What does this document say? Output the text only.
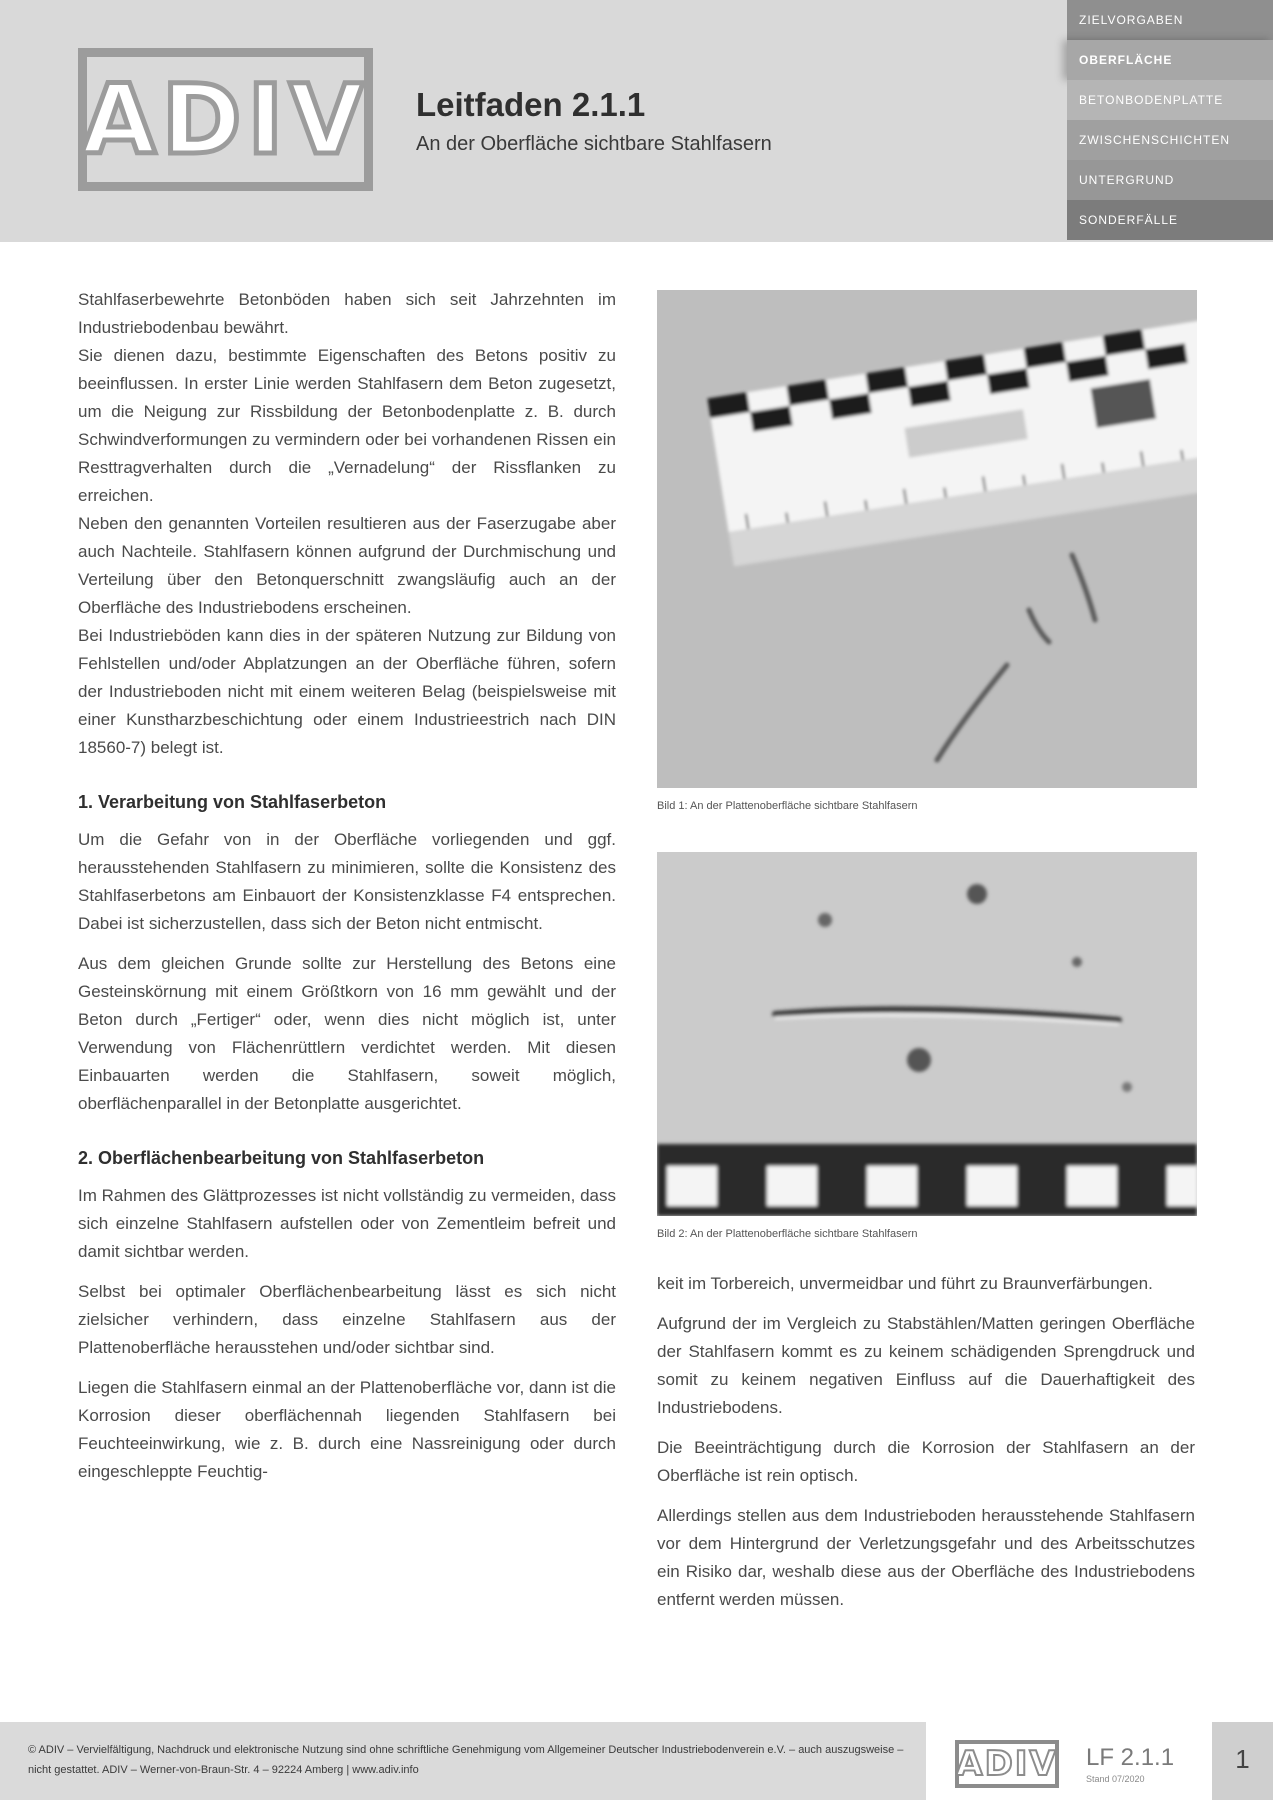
ADIV Leitfaden 2.1.1
An der Oberfläche sichtbare Stahlfasern
ZIELVORGABEN
OBERFLÄCHE
BETONBODENPLATTE
ZWISCHENSCHICHTEN
UNTERGRUND
SONDERFÄLLE
Stahlfaserbewehrte Betonböden haben sich seit Jahrzehnten im Industriebodenbau bewährt.
Sie dienen dazu, bestimmte Eigenschaften des Betons positiv zu beeinflussen. In erster Linie werden Stahlfasern dem Beton zugesetzt, um die Neigung zur Rissbildung der Betonbodenplatte z. B. durch Schwindverformungen zu vermindern oder bei vorhandenen Rissen ein Resttragverhalten durch die „Vernadelung“ der Rissflanken zu erreichen.
Neben den genannten Vorteilen resultieren aus der Faserzugabe aber auch Nachteile. Stahlfasern können aufgrund der Durchmischung und Verteilung über den Betonquerschnitt zwangsläufig auch an der Oberfläche des Industriebodens erscheinen.
Bei Industrieböden kann dies in der späteren Nutzung zur Bildung von Fehlstellen und/oder Abplatzungen an der Oberfläche führen, sofern der Industrieboden nicht mit einem weiteren Belag (beispielsweise mit einer Kunstharzbeschichtung oder einem Industrieestrich nach DIN 18560-7) belegt ist.
1. Verarbeitung von Stahlfaserbeton

Um die Gefahr von in der Oberfläche vorliegenden und ggf. herausstehenden Stahlfasern zu minimieren, sollte die Konsistenz des Stahlfaserbetons am Einbauort der Konsistenzklasse F4 entsprechen. Dabei ist sicherzustellen, dass sich der Beton nicht entmischt.

Aus dem gleichen Grunde sollte zur Herstellung des Betons eine Gesteinskörnung mit einem Größtkorn von 16 mm gewählt und der Beton durch „Fertiger“ oder, wenn dies nicht möglich ist, unter Verwendung von Flächenrüttlern verdichtet werden. Mit diesen Einbauarten werden die Stahlfasern, soweit möglich, oberflächenparallel in der Betonplatte ausgerichtet.

2. Oberflächenbearbeitung von Stahlfaserbeton

Im Rahmen des Glättprozesses ist nicht vollständig zu vermeiden, dass sich einzelne Stahlfasern aufstellen oder von Zementleim befreit und damit sichtbar werden.

Selbst bei optimaler Oberflächenbearbeitung lässt es sich nicht zielsicher verhindern, dass einzelne Stahlfasern aus der Plattenoberfläche herausstehen und/oder sichtbar sind.

Liegen die Stahlfasern einmal an der Plattenoberfläche vor, dann ist die Korrosion dieser oberflächennah liegenden Stahlfasern bei Feuchteeinwirkung, wie z. B. durch eine Nassreinigung oder durch eingeschleppte Feuchtig-

Bild 1: An der Plattenoberfläche sichtbare Stahlfasern
Bild 2: An der Plattenoberfläche sichtbare Stahlfasern

keit im Torbereich, unvermeidbar und führt zu Braunverfärbungen.

Aufgrund der im Vergleich zu Stabstählen/Matten geringen Oberfläche der Stahlfasern kommt es zu keinem schädigenden Sprengdruck und somit zu keinem negativen Einfluss auf die Dauerhaftigkeit des Industriebodens.

Die Beeinträchtigung durch die Korrosion der Stahlfasern an der Oberfläche ist rein optisch.

Allerdings stellen aus dem Industrieboden herausstehende Stahlfasern vor dem Hintergrund der Verletzungsgefahr und des Arbeitsschutzes ein Risiko dar, weshalb diese aus der Oberfläche des Industriebodens entfernt werden müssen.

© ADIV – Vervielfältigung, Nachdruck und elektronische Nutzung sind ohne schriftliche Genehmigung vom Allgemeiner Deutscher Industriebodenverein e.V. – auch auszugsweise – nicht gestattet. ADIV – Werner-von-Braun-Str. 4 – 92224 Amberg | www.adiv.info	ADIV LF 2.1.1
Stand 07/2020
1
